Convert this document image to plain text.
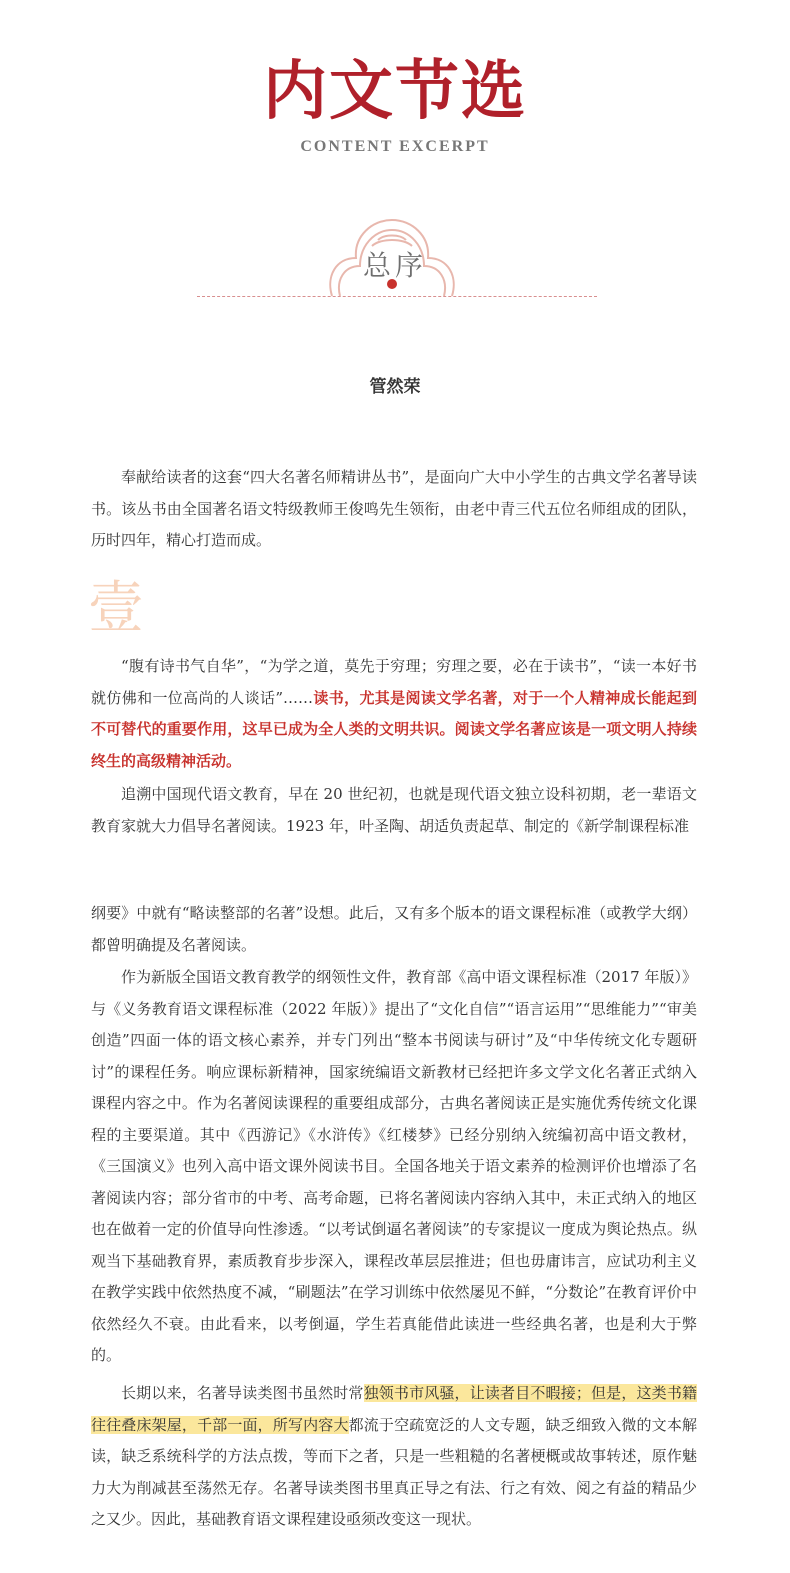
内文节选
CONTENT EXCERPT
总序
管然荣
奉献给读者的这套“四大名著名师精讲丛书”，是面向广大中小学生的古典文学名著导读书。该丛书由全国著名语文特级教师王俊鸣先生领衔，由老中青三代五位名师组成的团队，历时四年，精心打造而成。
壹
“腹有诗书气自华”，“为学之道，莫先于穷理；穷理之要，必在于读书”，“读一本好书就仿佛和一位高尚的人谈话”……读书，尤其是阅读文学名著，对于一个人精神成长能起到不可替代的重要作用，这早已成为全人类的文明共识。阅读文学名著应该是一项文明人持续终生的高级精神活动。
追溯中国现代语文教育，早在 20 世纪初，也就是现代语文独立设科初期，老一辈语文教育家就大力倡导名著阅读。1923 年，叶圣陶、胡适负责起草、制定的《新学制课程标准
纲要》中就有“略读整部的名著”设想。此后，又有多个版本的语文课程标准（或教学大纲）都曾明确提及名著阅读。
作为新版全国语文教育教学的纲领性文件，教育部《高中语文课程标准（2017 年版）》与《义务教育语文课程标准（2022 年版）》提出了“文化自信”“语言运用”“思维能力”“审美创造”四面一体的语文核心素养，并专门列出“整本书阅读与研讨”及“中华传统文化专题研讨”的课程任务。响应课标新精神，国家统编语文新教材已经把许多文学文化名著正式纳入课程内容之中。作为名著阅读课程的重要组成部分，古典名著阅读正是实施优秀传统文化课程的主要渠道。其中《西游记》《水浒传》《红楼梦》已经分别纳入统编初高中语文教材，《三国演义》也列入高中语文课外阅读书目。全国各地关于语文素养的检测评价也增添了名著阅读内容；部分省市的中考、高考命题，已将名著阅读内容纳入其中，未正式纳入的地区也在做着一定的价值导向性渗透。“以考试倒逼名著阅读”的专家提议一度成为舆论热点。纵观当下基础教育界，素质教育步步深入，课程改革层层推进；但也毋庸讳言，应试功利主义在教学实践中依然热度不减，“刷题法”在学习训练中依然屡见不鲜，“分数论”在教育评价中依然经久不衰。由此看来，以考倒逼，学生若真能借此读进一些经典名著，也是利大于弊的。
长期以来，名著导读类图书虽然时常独领书市风骚，让读者目不暇接；但是，这类书籍往往叠床架屋，千部一面，所写内容大都流于空疏宽泛的人文专题，缺乏细致入微的文本解读，缺乏系统科学的方法点拨，等而下之者，只是一些粗糙的名著梗概或故事转述，原作魅力大为削减甚至荡然无存。名著导读类图书里真正导之有法、行之有效、阅之有益的精品少之又少。因此，基础教育语文课程建设亟须改变这一现状。
